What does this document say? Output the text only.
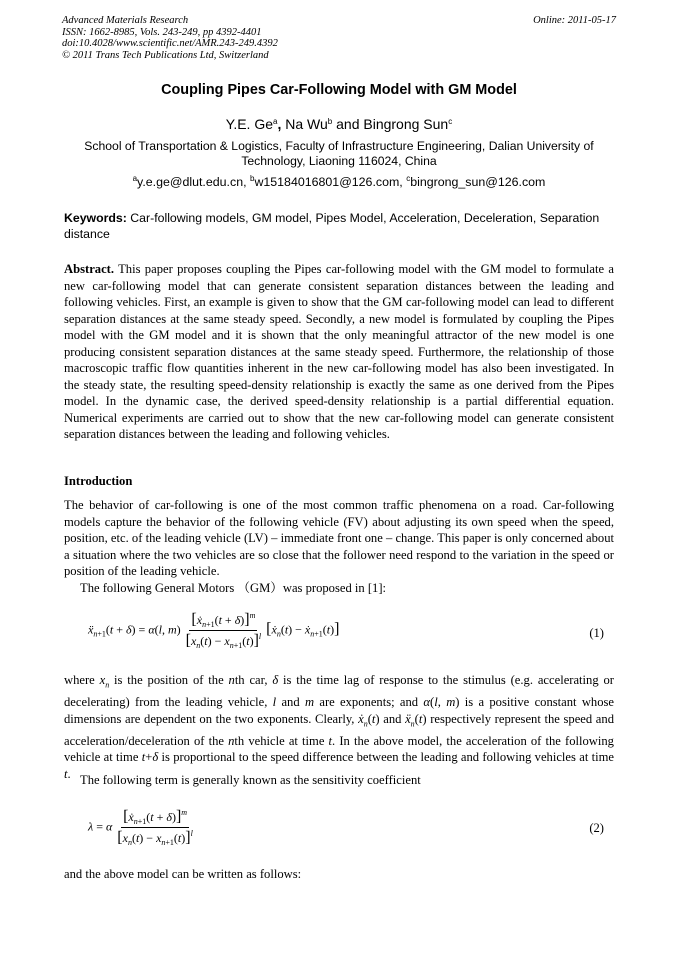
Advanced Materials Research
ISSN: 1662-8985, Vols. 243-249, pp 4392-4401
doi:10.4028/www.scientific.net/AMR.243-249.4392
© 2011 Trans Tech Publications Ltd, Switzerland
Online: 2011-05-17
Coupling Pipes Car-Following Model with GM Model
Y.E. Ge$^a$, Na Wu$^b$ and Bingrong Sun$^c$
School of Transportation & Logistics, Faculty of Infrastructure Engineering, Dalian University of
Technology, Liaoning 116024, China
$^a$y.e.ge@dlut.edu.cn, $^b$w15184016801@126.com, $^c$bingrong_sun@126.com
Keywords: Car-following models, GM model, Pipes Model, Acceleration, Deceleration, Separation distance
Abstract. This paper proposes coupling the Pipes car-following model with the GM model to formulate a new car-following model that can generate consistent separation distances between the leading and following vehicles. First, an example is given to show that the GM car-following model can lead to different separation distances at the same steady speed. Secondly, a new model is formulated by coupling the Pipes model with the GM model and it is shown that the only meaningful attractor of the new model is one producing consistent separation distances at the same steady speed. Furthermore, the relationship of those macroscopic traffic flow quantities inherent in the new car-following model has also been investigated. In the steady state, the resulting speed-density relationship is exactly the same as one derived from the Pipes model. In the dynamic case, the derived speed-density relationship is a partial differential equation. Numerical experiments are carried out to show that the new car-following model can generate consistent separation distances between the leading and following vehicles.
Introduction
The behavior of car-following is one of the most common traffic phenomena on a road. Car-following models capture the behavior of the following vehicle (FV) about adjusting its own speed when the speed, position, etc. of the leading vehicle (LV) – immediate front one – change. This paper is only concerned about a situation where the two vehicles are so close that the follower need respond to the variation in the speed or position of the leading vehicle.
The following General Motors （GM）was proposed in [1]:
ẍ$_{n+1}$(t + δ) = α(l, $m) \frac{[ẋ_{n+1}(t + \delta)]^m}{[x_n(t) - x_{n+1}(t)]^l}$ [ẋ$_n$(t) − ẋ$_{n+1}$(t)]	(1)
where $x_n$ is the position of the nth car, δ is the time lag of response to the stimulus (e.g. accelerating or decelerating) from the leading vehicle, l and m are exponents; and α(l, m) is a positive constant whose dimensions are dependent on the two exponents. Clearly, ẋ$_n$(t) and ẍ$_n$(t) respectively represent the speed and acceleration/deceleration of the nth vehicle at time t. In the above model, the acceleration of the following vehicle at time t+δ is proportional to the speed difference between the leading and following vehicles at time t. The following term is generally known as the sensitivity coefficient
λ = α $\frac{[ẋ_{n+1}(t + \delta)]^m}{[x_n(t) - x_{n+1}(t)]^l}$	(2)
and the above model can be written as follows:
